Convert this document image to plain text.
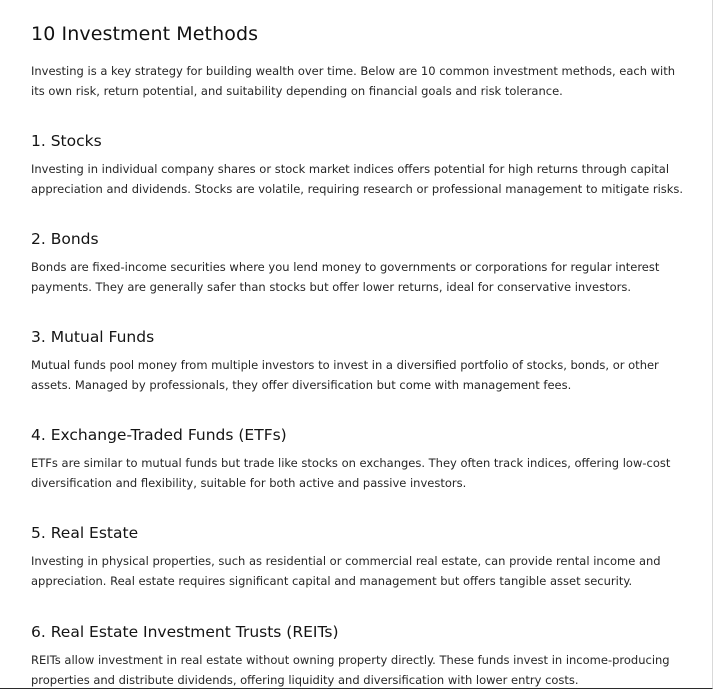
10 Investment Methods

Investing is a key strategy for building wealth over time. Below are 10 common investment methods, each with its own risk, return potential, and suitability depending on financial goals and risk tolerance.

1. Stocks

Investing in individual company shares or stock market indices offers potential for high returns through capital appreciation and dividends. Stocks are volatile, requiring research or professional management to mitigate risks.

2. Bonds

Bonds are fixed-income securities where you lend money to governments or corporations for regular interest payments. They are generally safer than stocks but offer lower returns, ideal for conservative investors.

3. Mutual Funds

Mutual funds pool money from multiple investors to invest in a diversified portfolio of stocks, bonds, or other assets. Managed by professionals, they offer diversification but come with management fees.

4. Exchange-Traded Funds (ETFs)

ETFs are similar to mutual funds but trade like stocks on exchanges. They often track indices, offering low-cost diversification and flexibility, suitable for both active and passive investors.

5. Real Estate

Investing in physical properties, such as residential or commercial real estate, can provide rental income and appreciation. Real estate requires significant capital and management but offers tangible asset security.

6. Real Estate Investment Trusts (REITs)

REITs allow investment in real estate without owning property directly. These funds invest in income-producing properties and distribute dividends, offering liquidity and diversification with lower entry costs.
